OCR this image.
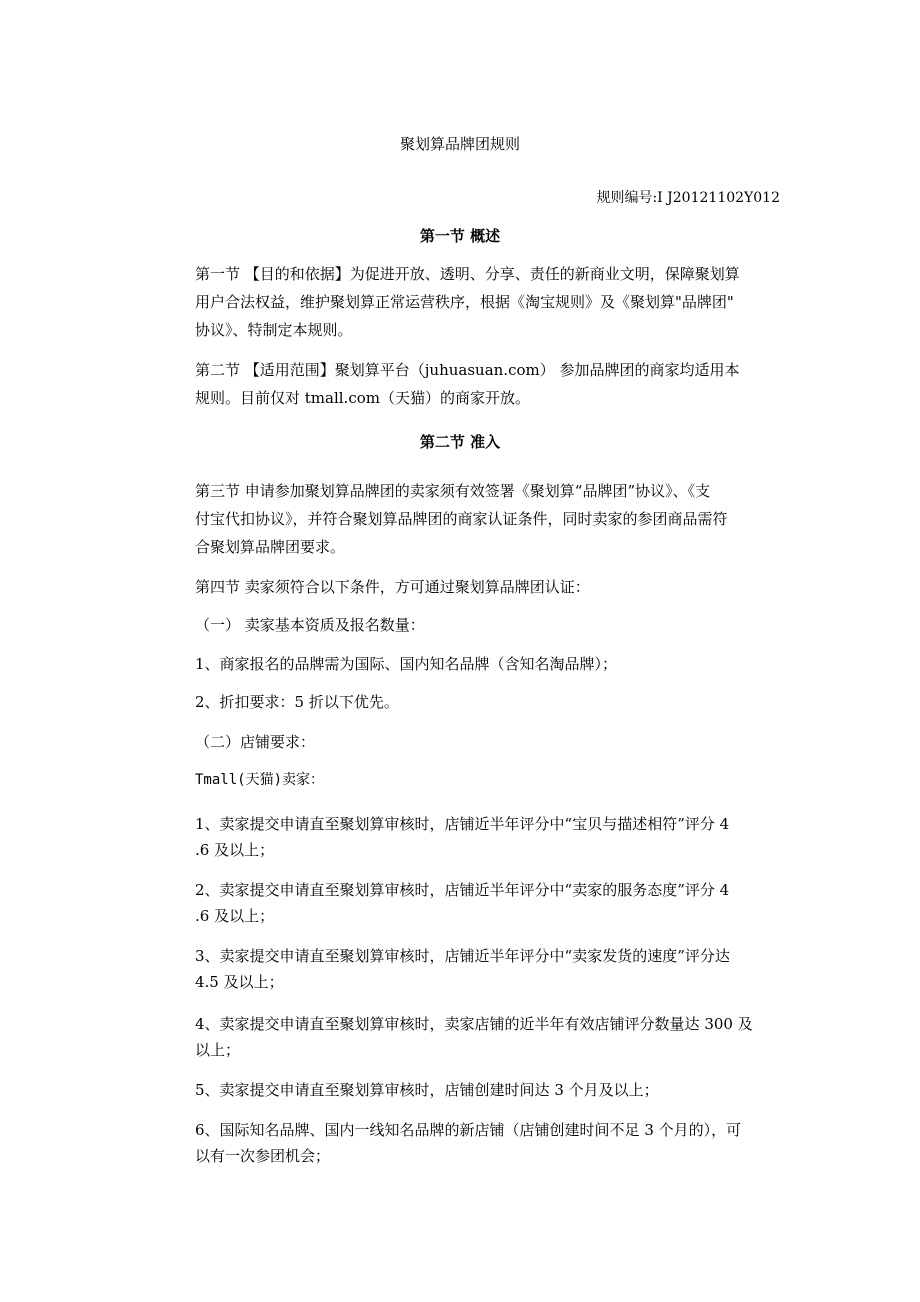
聚划算品牌团规则

规则编号:Ⅰ J20121102Y012

第一节 概述

第一节 【目的和依据】为促进开放、透明、分享、责任的新商业文明，保障聚划算

用户合法权益，维护聚划算正常运营秩序，根据《淘宝规则》及《聚划算"品牌团"

协议》、特制定本规则。

第二节 【适用范围】聚划算平台（juhuasuan.com） 参加品牌团的商家均适用本

规则。目前仅对 tmall.com（天猫）的商家开放。

第二节 准入

第三节 申请参加聚划算品牌团的卖家须有效签署《聚划算“品牌团”协议》、《支

付宝代扣协议》，并符合聚划算品牌团的商家认证条件，同时卖家的参团商品需符

合聚划算品牌团要求。

第四节 卖家须符合以下条件，方可通过聚划算品牌团认证：

（一） 卖家基本资质及报名数量：

1、商家报名的品牌需为国际、国内知名品牌（含知名淘品牌）；

2、折扣要求：5 折以下优先。

（二）店铺要求：

Tmall(天猫)卖家：

1、卖家提交申请直至聚划算审核时，店铺近半年评分中“宝贝与描述相符”评分 4

.6 及以上；

2、卖家提交申请直至聚划算审核时，店铺近半年评分中“卖家的服务态度”评分 4

.6 及以上；

3、卖家提交申请直至聚划算审核时，店铺近半年评分中“卖家发货的速度”评分达

4.5 及以上；

4、卖家提交申请直至聚划算审核时，卖家店铺的近半年有效店铺评分数量达 300 及

以上；

5、卖家提交申请直至聚划算审核时，店铺创建时间达 3 个月及以上；

6、国际知名品牌、国内一线知名品牌的新店铺（店铺创建时间不足 3 个月的），可

以有一次参团机会；
